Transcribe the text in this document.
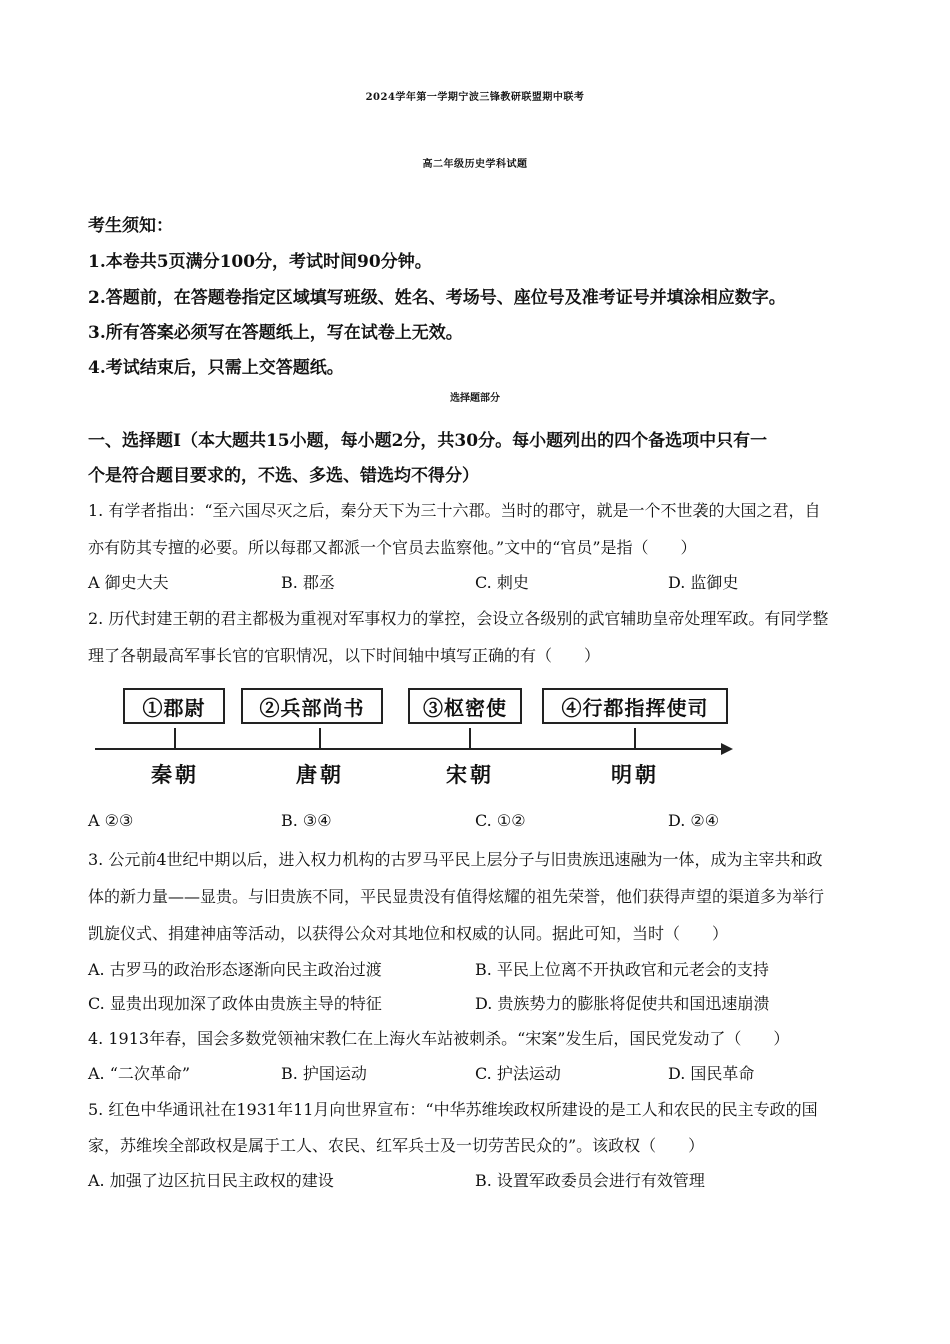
2024学年第一学期宁波三锋教研联盟期中联考
高二年级历史学科试题
考生须知：
1.本卷共5页满分100分，考试时间90分钟。
2.答题前，在答题卷指定区域填写班级、姓名、考场号、座位号及准考证号并填涂相应数字。
3.所有答案必须写在答题纸上，写在试卷上无效。
4.考试结束后，只需上交答题纸。
选择题部分
一、选择题Ⅰ（本大题共15小题，每小题2分，共30分。每小题列出的四个备选项中只有一
个是符合题目要求的，不选、多选、错选均不得分）
1. 有学者指出：“至六国尽灭之后，秦分天下为三十六郡。当时的郡守，就是一个不世袭的大国之君，自
亦有防其专擅的必要。所以每郡又都派一个官员去监察他。”文中的“官员”是指（　　）
A 御史大夫	B. 郡丞	C. 刺史	D. 监御史
2. 历代封建王朝的君主都极为重视对军事权力的掌控，会设立各级别的武官辅助皇帝处理军政。有同学整
理了各朝最高军事长官的官职情况，以下时间轴中填写正确的有（　　）
①郡尉	②兵部尚书	③枢密使	④行都指挥使司
秦朝	唐朝	宋朝	明朝
A ②③	B. ③④	C. ①②	D. ②④
3. 公元前4世纪中期以后，进入权力机构的古罗马平民上层分子与旧贵族迅速融为一体，成为主宰共和政
体的新力量——显贵。与旧贵族不同，平民显贵没有值得炫耀的祖先荣誉，他们获得声望的渠道多为举行
凯旋仪式、捐建神庙等活动，以获得公众对其地位和权威的认同。据此可知，当时（　　）
A. 古罗马的政治形态逐渐向民主政治过渡	B. 平民上位离不开执政官和元老会的支持
C. 显贵出现加深了政体由贵族主导的特征	D. 贵族势力的膨胀将促使共和国迅速崩溃
4. 1913年春，国会多数党领袖宋教仁在上海火车站被刺杀。“宋案”发生后，国民党发动了（　　）
A. “二次革命”	B. 护国运动	C. 护法运动	D. 国民革命
5. 红色中华通讯社在1931年11月向世界宣布：“中华苏维埃政权所建设的是工人和农民的民主专政的国
家，苏维埃全部政权是属于工人、农民、红军兵士及一切劳苦民众的”。该政权（　　）
A. 加强了边区抗日民主政权的建设	B. 设置军政委员会进行有效管理
